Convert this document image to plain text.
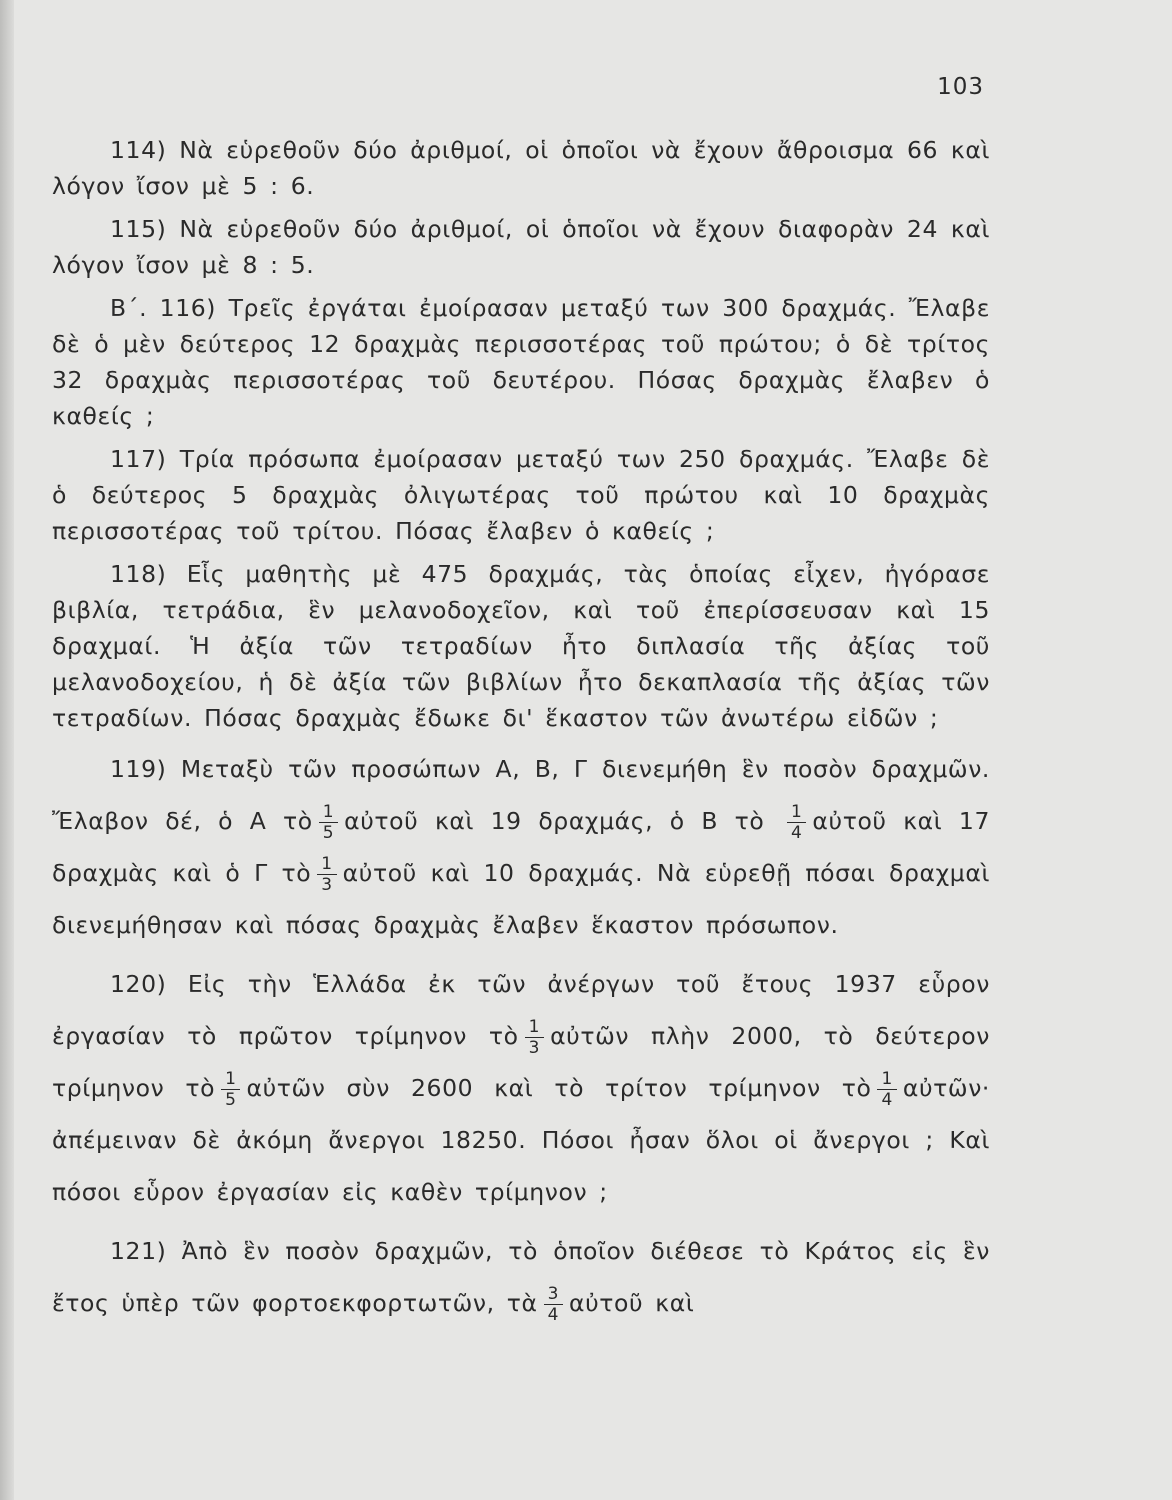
103

114) Νὰ εὑρεθοῦν δύο ἀριθμοί, οἱ ὁποῖοι νὰ ἔχουν ἄθροισμα 66 καὶ λόγον ἴσον μὲ 5 : 6.

115) Νὰ εὑρεθοῦν δύο ἀριθμοί, οἱ ὁποῖοι νὰ ἔχουν διαφορὰν 24 καὶ λόγον ἴσον μὲ 8 : 5.

Β΄. 116) Τρεῖς ἐργάται ἐμοίρασαν μεταξύ των 300 δραχμάς. Ἔλαβε δὲ ὁ μὲν δεύτερος 12 δραχμὰς περισσοτέρας τοῦ πρώτου; ὁ δὲ τρίτος 32 δραχμὰς περισσοτέρας τοῦ δευτέρου. Πόσας δραχμὰς ἔλαβεν ὁ καθείς ;

117) Τρία πρόσωπα ἐμοίρασαν μεταξύ των 250 δραχμάς. Ἔλαβε δὲ ὁ δεύτερος 5 δραχμὰς ὀλιγωτέρας τοῦ πρώτου καὶ 10 δραχμὰς περισσοτέρας τοῦ τρίτου. Πόσας ἔλαβεν ὁ καθείς ;

118) Εἷς μαθητὴς μὲ 475 δραχμάς, τὰς ὁποίας εἶχεν, ἠγόρασε βιβλία, τετράδια, ἓν μελανοδοχεῖον, καὶ τοῦ ἐπερίσσευσαν καὶ 15 δραχμαί. Ἡ ἀξία τῶν τετραδίων ἦτο διπλασία τῆς ἀξίας τοῦ μελανοδοχείου, ἡ δὲ ἀξία τῶν βιβλίων ἦτο δεκαπλασία τῆς ἀξίας τῶν τετραδίων. Πόσας δραχμὰς ἔδωκε δι' ἕκαστον τῶν ἀνωτέρω εἰδῶν ;

119) Μεταξὺ τῶν προσώπων Α, Β, Γ διενεμήθη ἓν ποσὸν δραχμῶν. Ἔλαβον δέ, ὁ Α τὸ $\frac{1}{5}$ αὐτοῦ καὶ 19 δραχμάς, ὁ Β τὸ $\frac{1}{4}$ αὐτοῦ καὶ 17 δραχμὰς καὶ ὁ Γ τὸ $\frac{1}{3}$ αὐτοῦ καὶ 10 δραχμάς. Νὰ εὑρεθῇ πόσαι δραχμαὶ διενεμήθησαν καὶ πόσας δραχμὰς ἔλαβεν ἕκαστον πρόσωπον.

120) Εἰς τὴν Ἑλλάδα ἐκ τῶν ἀνέργων τοῦ ἔτους 1937 εὗρον ἐργασίαν τὸ πρῶτον τρίμηνον τὸ $\frac{1}{3}$ αὐτῶν πλὴν 2000, τὸ δεύτερον τρίμηνον τὸ $\frac{1}{5}$ αὐτῶν σὺν 2600 καὶ τὸ τρίτον τρίμηνον τὸ $\frac{1}{4}$ αὐτῶν· ἀπέμειναν δὲ ἀκόμη ἄνεργοι 18250. Πόσοι ἦσαν ὅλοι οἱ ἄνεργοι ; Καὶ πόσοι εὗρον ἐργασίαν εἰς καθὲν τρίμηνον ;

121) Ἀπὸ ἓν ποσὸν δραχμῶν, τὸ ὁποῖον διέθεσε τὸ Κράτος εἰς ἓν ἔτος ὑπὲρ τῶν φορτοεκφορτωτῶν, τὰ $\frac{3}{4}$ αὐτοῦ καὶ
